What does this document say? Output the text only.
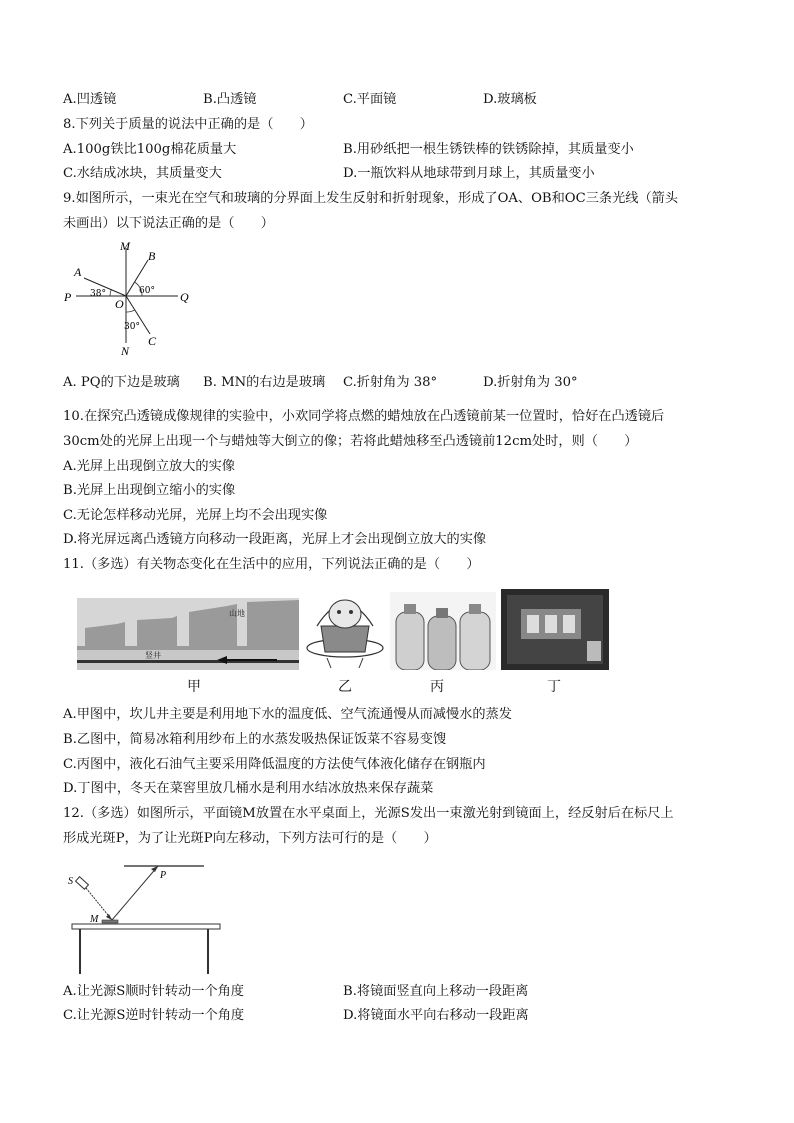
A.凹透镜	B.凸透镜	C.平面镜	D.玻璃板
8.下列关于质量的说法中正确的是（　　）
A.100g铁比100g棉花质量大	B.用砂纸把一根生锈铁棒的铁锈除掉，其质量变小
C.水结成冰块，其质量变大	D.一瓶饮料从地球带到月球上，其质量变小
9.如图所示，一束光在空气和玻璃的分界面上发生反射和折射现象，形成了OA、OB和OC三条光线（箭头
未画出）以下说法正确的是（　　）
M
B
A
P	O	Q
N
C
38°	60°
30°
A. PQ的下边是玻璃 B. MN的右边是玻璃 C.折射角为 38°	D.折射角为 30°
10.在探究凸透镜成像规律的实验中，小欢同学将点燃的蜡烛放在凸透镜前某一位置时，恰好在凸透镜后
30cm处的光屏上出现一个与蜡烛等大倒立的像；若将此蜡烛移至凸透镜前12cm处时，则（　　）
A.光屏上出现倒立放大的实像
B.光屏上出现倒立缩小的实像
C.无论怎样移动光屏，光屏上均不会出现实像
D.将光屏远离凸透镜方向移动一段距离，光屏上才会出现倒立放大的实像
11.（多选）有关物态变化在生活中的应用，下列说法正确的是（　　）
山地
竖井
甲	乙	丙	丁
A.甲图中，坎儿井主要是利用地下水的温度低、空气流通慢从而减慢水的蒸发
B.乙图中，简易冰箱利用纱布上的水蒸发吸热保证饭菜不容易变馊
C.丙图中，液化石油气主要采用降低温度的方法使气体液化储存在钢瓶内
D.丁图中，冬天在菜窖里放几桶水是利用水结冰放热来保存蔬菜
12.（多选）如图所示，平面镜M放置在水平桌面上，光源S发出一束激光射到镜面上，经反射后在标尺上
形成光斑P，为了让光斑P向左移动，下列方法可行的是（　　）
S
P
M
A.让光源S顺时针转动一个角度	B.将镜面竖直向上移动一段距离
C.让光源S逆时针转动一个角度	D.将镜面水平向右移动一段距离
